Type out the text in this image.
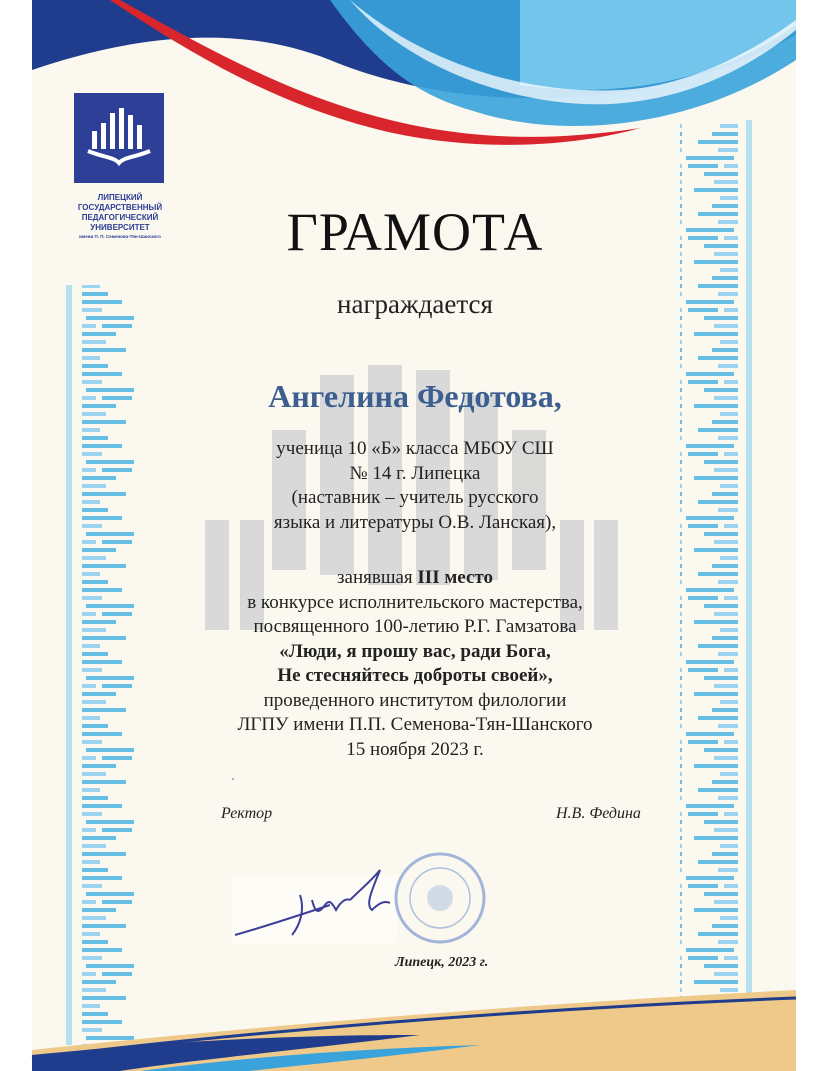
ЛИПЕЦКИЙ
ГОСУДАРСТВЕННЫЙ
ПЕДАГОГИЧЕСКИЙ
УНИВЕРСИТЕТ
имени П. П. Семенова-Тян-Шанского	ГРАМОТА
награждается
Ангелина Федотова,
ученица 10 «Б» класса МБОУ СШ
№ 14 г. Липецка
(наставник – учитель русского
языка и литературы О.В. Ланская),
занявшая III место
в конкурсе исполнительского мастерства,
посвященного 100-летию Р.Г. Гамзатова
«Люди, я прошу вас, ради Бога,
Не стесняйтесь доброты своей»,
проведенного институтом филологии
ЛГПУ имени П.П. Семенова-Тян-Шанского
15 ноября 2023 г.
Ректор	Н.В. Федина
Липецк, 2023 г.
